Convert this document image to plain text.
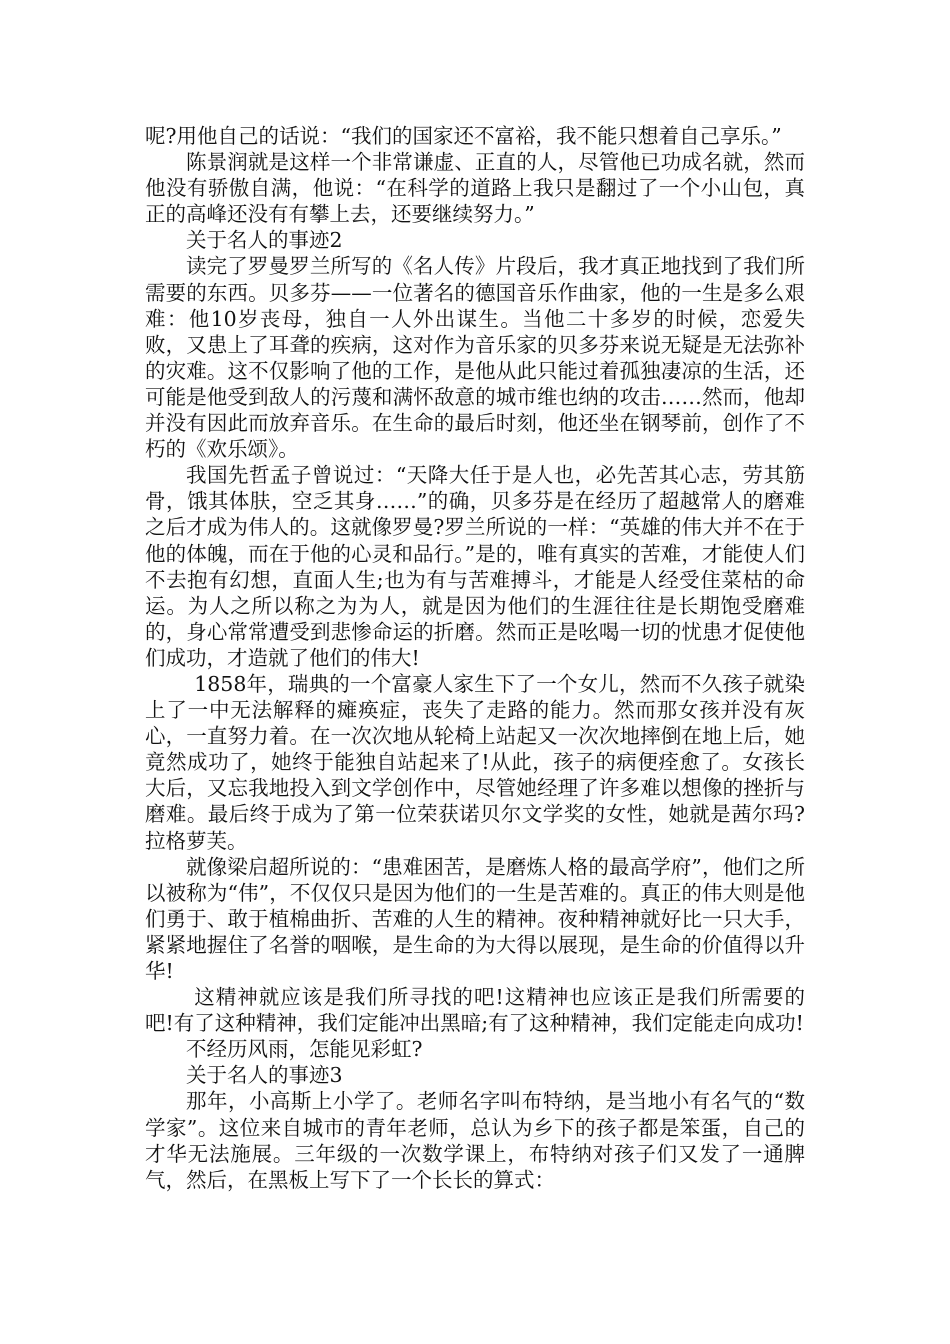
呢?用他自己的话说：“我们的国家还不富裕，我不能只想着自己享乐。”

陈景润就是这样一个非常谦虚、正直的人，尽管他已功成名就，然而他没有骄傲自满，他说：“在科学的道路上我只是翻过了一个小山包，真正的高峰还没有有攀上去，还要继续努力。”

关于名人的事迹2

读完了罗曼罗兰所写的《名人传》片段后，我才真正地找到了我们所需要的东西。贝多芬——一位著名的德国音乐作曲家，他的一生是多么艰难：他10岁丧母，独自一人外出谋生。当他二十多岁的时候，恋爱失败，又患上了耳聋的疾病，这对作为音乐家的贝多芬来说无疑是无法弥补的灾难。这不仅影响了他的工作，是他从此只能过着孤独凄凉的生活，还可能是他受到敌人的污蔑和满怀敌意的城市维也纳的攻击……然而，他却并没有因此而放弃音乐。在生命的最后时刻，他还坐在钢琴前，创作了不朽的《欢乐颂》。

我国先哲孟子曾说过：“天降大任于是人也，必先苦其心志，劳其筋骨，饿其体肤，空乏其身……”的确，贝多芬是在经历了超越常人的磨难之后才成为伟人的。这就像罗曼?罗兰所说的一样：“英雄的伟大并不在于他的体魄，而在于他的心灵和品行。”是的，唯有真实的苦难，才能使人们不去抱有幻想，直面人生;也为有与苦难搏斗，才能是人经受住菜枯的命运。为人之所以称之为为人，就是因为他们的生涯往往是长期饱受磨难的，身心常常遭受到悲惨命运的折磨。然而正是吆喝一切的忧患才促使他们成功，才造就了他们的伟大!

1858年，瑞典的一个富豪人家生下了一个女儿，然而不久孩子就染上了一中无法解释的瘫痪症，丧失了走路的能力。然而那女孩并没有灰心，一直努力着。在一次次地从轮椅上站起又一次次地摔倒在地上后，她竟然成功了，她终于能独自站起来了!从此，孩子的病便痊愈了。女孩长大后，又忘我地投入到文学创作中，尽管她经理了许多难以想像的挫折与磨难。最后终于成为了第一位荣获诺贝尔文学奖的女性，她就是茜尔玛?拉格萝芙。

就像梁启超所说的：“患难困苦，是磨炼人格的最高学府”，他们之所以被称为“伟”，不仅仅只是因为他们的一生是苦难的。真正的伟大则是他们勇于、敢于植棉曲折、苦难的人生的精神。夜种精神就好比一只大手，紧紧地握住了名誉的咽喉，是生命的为大得以展现，是生命的价值得以升华!

这精神就应该是我们所寻找的吧!这精神也应该正是我们所需要的吧!有了这种精神，我们定能冲出黑暗;有了这种精神，我们定能走向成功!

不经历风雨，怎能见彩虹?

关于名人的事迹3

那年，小高斯上小学了。老师名字叫布特纳，是当地小有名气的“数学家”。这位来自城市的青年老师，总认为乡下的孩子都是笨蛋，自己的才华无法施展。三年级的一次数学课上，布特纳对孩子们又发了一通脾气，然后，在黑板上写下了一个长长的算式：
